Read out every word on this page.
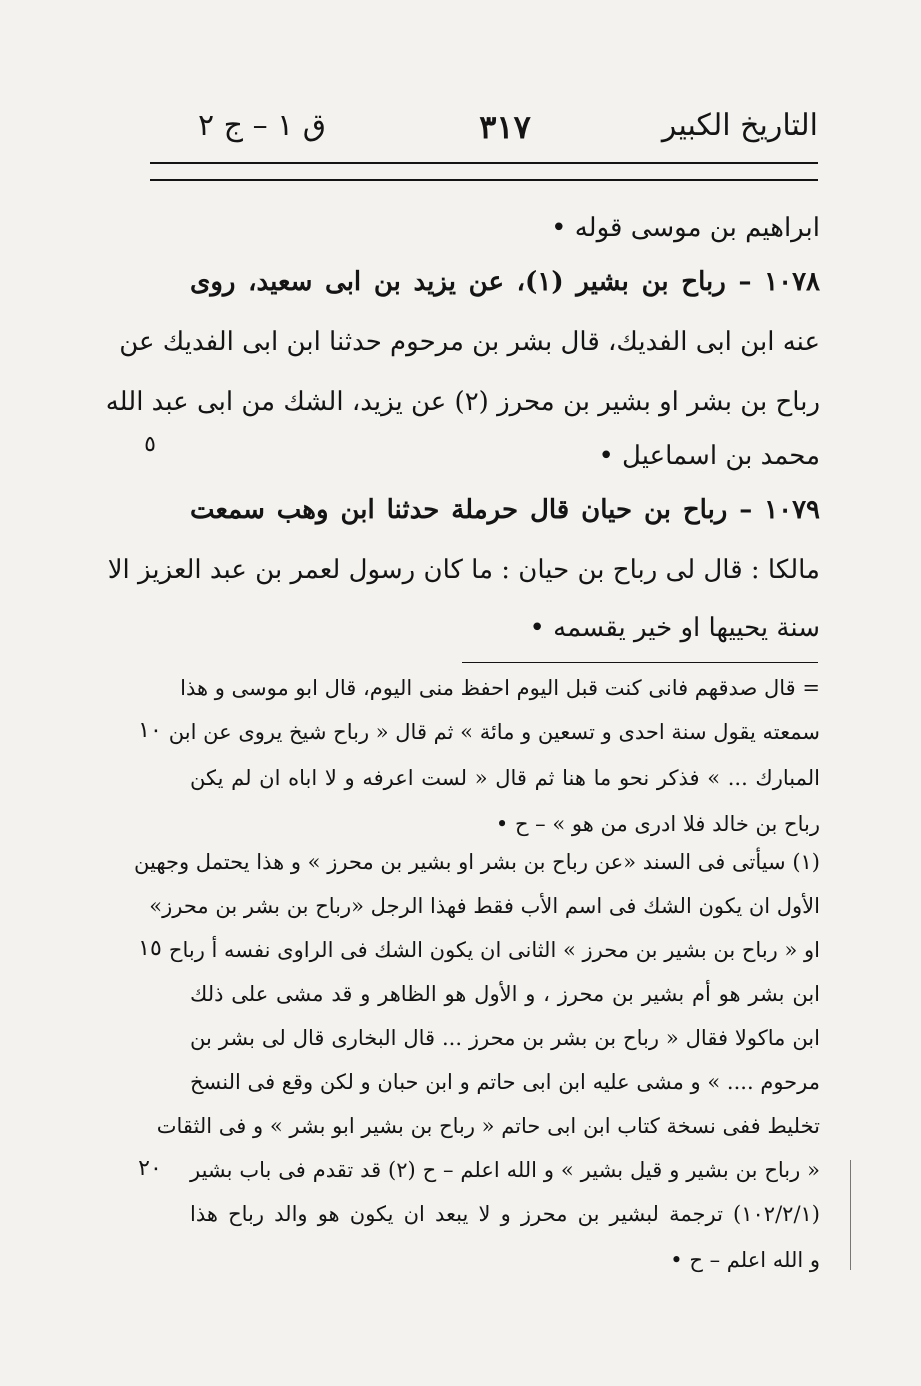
ق ١ – ج ٢	٣١٧	التاريخ الكبير
ابراهيم بن موسى قوله •
١٠٧٨ – رباح بن بشير (١)، عن يزيد بن ابى سعيد، روى
عنه ابن ابى الفديك، قال بشر بن مرحوم حدثنا ابن ابى الفديك عن
رباح بن بشر او بشير بن محرز (٢) عن يزيد، الشك من ابى عبد الله
محمد بن اسماعيل •
١٠٧٩ – رباح بن حيان قال حرملة حدثنا ابن وهب سمعت
مالكا : قال لى رباح بن حيان : ما كان رسول لعمر بن عبد العزيز الا
سنة يحييها او خير يقسمه •
= قال صدقهم فانى كنت قبل اليوم احفظ منى اليوم، قال ابو موسى و هذا
سمعته يقول سنة احدى و تسعين و مائة » ثم قال « رباح شيخ يروى عن ابن
المبارك ... » فذكر نحو ما هنا ثم قال « لست اعرفه و لا اباه ان لم يكن
رباح بن خالد فلا ادرى من هو » – ح •
(١) سيأتى فى السند «عن رباح بن بشر او بشير بن محرز » و هذا يحتمل وجهين
الأول ان يكون الشك فى اسم الأب فقط فهذا الرجل «رباح بن بشر بن محرز»
او « رباح بن بشير بن محرز » الثانى ان يكون الشك فى الراوى نفسه أ رباح
ابن بشر هو أم بشير بن محرز ، و الأول هو الظاهر و قد مشى على ذلك
ابن ماكولا فقال « رباح بن بشر بن محرز ... قال البخارى قال لى بشر بن
مرحوم .... » و مشى عليه ابن ابى حاتم و ابن حبان و لكن وقع فى النسخ
تخليط ففى نسخة كتاب ابن ابى حاتم « رباح بن بشير ابو بشر » و فى الثقات
« رباح بن بشير و قيل بشير » و الله اعلم – ح (٢) قد تقدم فى باب بشير
(١٠٢/٢/١) ترجمة لبشير بن محرز و لا يبعد ان يكون هو والد رباح هذا
و الله اعلم – ح •
٥
١٠
١٥
٢٠
